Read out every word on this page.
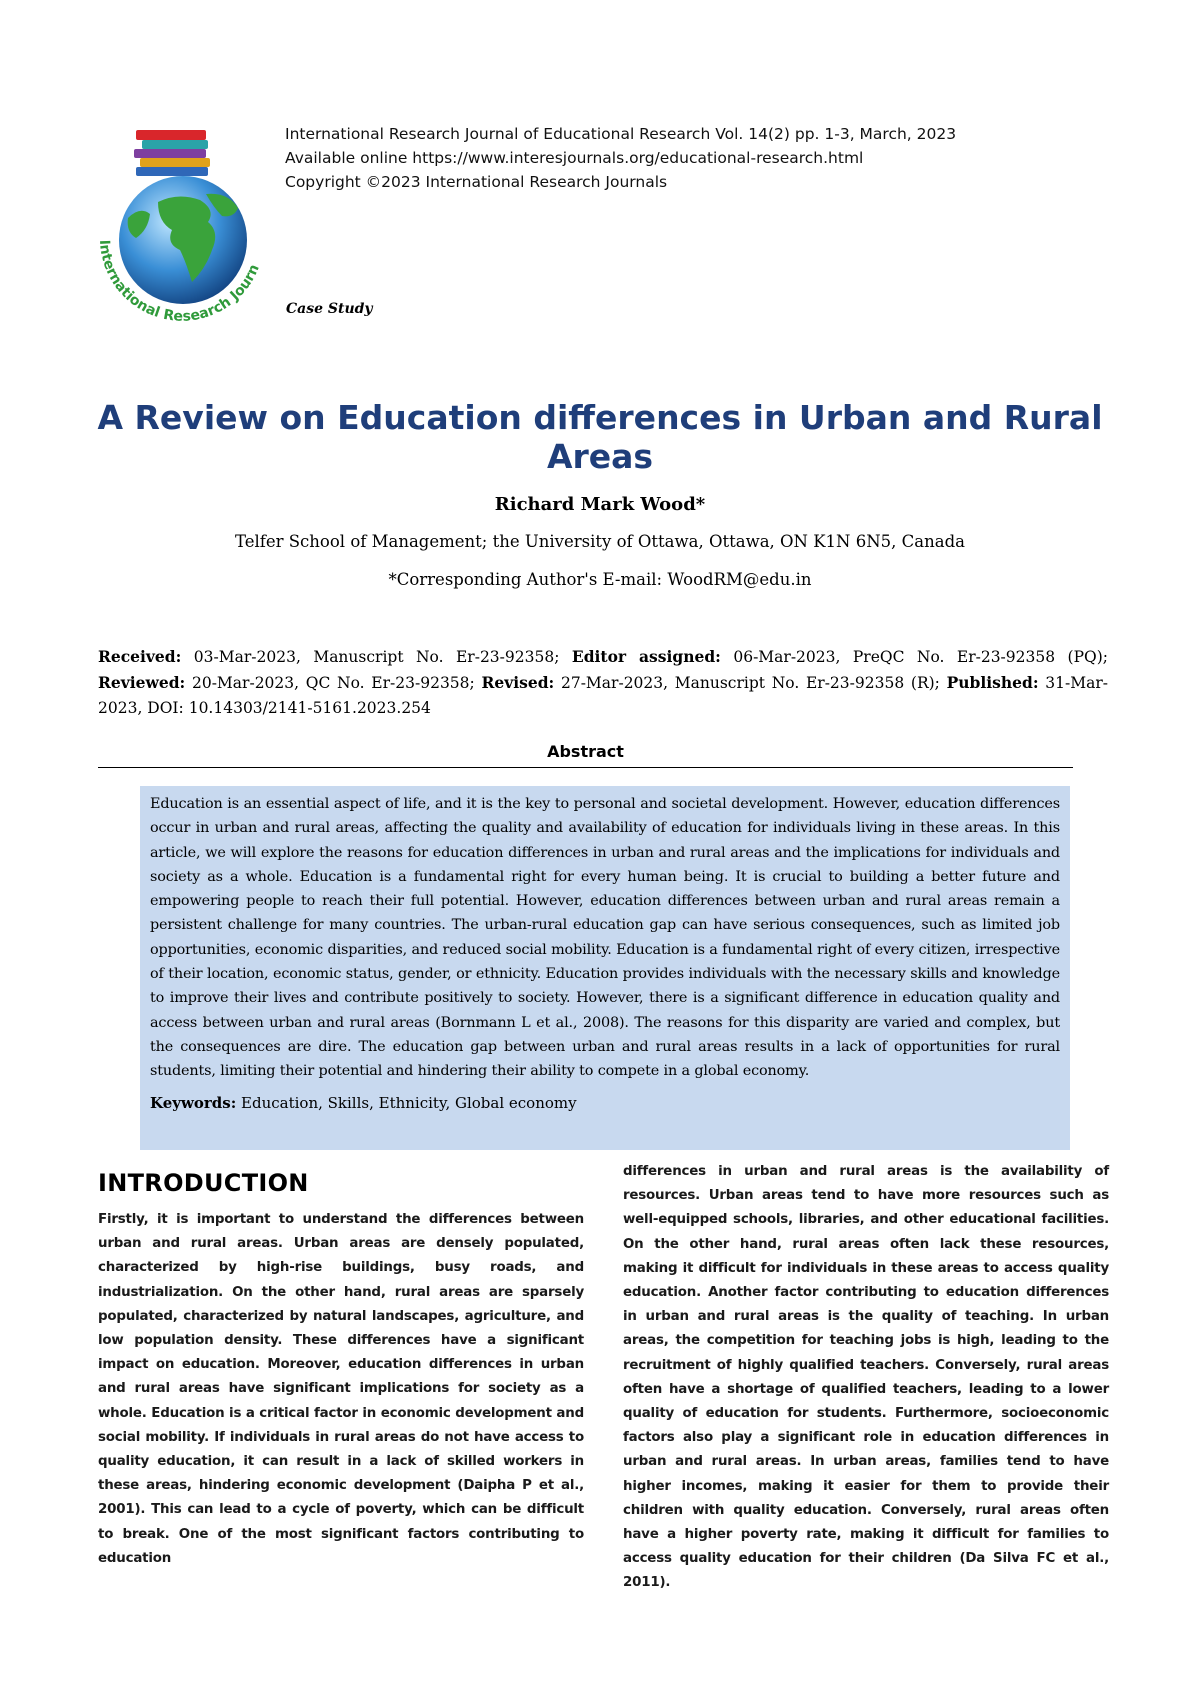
International Research Journ
International Research Journal of Educational Research Vol. 14(2) pp. 1-3, March, 2023
Available online https://www.interesjournals.org/educational-research.html
Copyright ©2023 International Research Journals
Case Study
A Review on Education differences in Urban and Rural Areas
Richard Mark Wood*
Telfer School of Management; the University of Ottawa, Ottawa, ON K1N 6N5, Canada
*Corresponding Author's E-mail: WoodRM@edu.in
Received: 03-Mar-2023, Manuscript No. Er-23-92358; Editor assigned: 06-Mar-2023, PreQC No. Er-23-92358 (PQ); Reviewed: 20-Mar-2023, QC No. Er-23-92358; Revised: 27-Mar-2023, Manuscript No. Er-23-92358 (R); Published: 31-Mar-2023, DOI: 10.14303/2141-5161.2023.254
Abstract
Education is an essential aspect of life, and it is the key to personal and societal development. However, education differences occur in urban and rural areas, affecting the quality and availability of education for individuals living in these areas. In this article, we will explore the reasons for education differences in urban and rural areas and the implications for individuals and society as a whole. Education is a fundamental right for every human being. It is crucial to building a better future and empowering people to reach their full potential. However, education differences between urban and rural areas remain a persistent challenge for many countries. The urban-rural education gap can have serious consequences, such as limited job opportunities, economic disparities, and reduced social mobility. Education is a fundamental right of every citizen, irrespective of their location, economic status, gender, or ethnicity. Education provides individuals with the necessary skills and knowledge to improve their lives and contribute positively to society. However, there is a significant difference in education quality and access between urban and rural areas (Bornmann L et al., 2008). The reasons for this disparity are varied and complex, but the consequences are dire. The education gap between urban and rural areas results in a lack of opportunities for rural students, limiting their potential and hindering their ability to compete in a global economy.
Keywords: Education, Skills, Ethnicity, Global economy
INTRODUCTION
Firstly, it is important to understand the differences between urban and rural areas. Urban areas are densely populated, characterized by high-rise buildings, busy roads, and industrialization. On the other hand, rural areas are sparsely populated, characterized by natural landscapes, agriculture, and low population density. These differences have a significant impact on education. Moreover, education differences in urban and rural areas have significant implications for society as a whole. Education is a critical factor in economic development and social mobility. If individuals in rural areas do not have access to quality education, it can result in a lack of skilled workers in these areas, hindering economic development (Daipha P et al., 2001). This can lead to a cycle of poverty, which can be difficult to break. One of the most significant factors contributing to education
differences in urban and rural areas is the availability of resources. Urban areas tend to have more resources such as well-equipped schools, libraries, and other educational facilities. On the other hand, rural areas often lack these resources, making it difficult for individuals in these areas to access quality education. Another factor contributing to education differences in urban and rural areas is the quality of teaching. In urban areas, the competition for teaching jobs is high, leading to the recruitment of highly qualified teachers. Conversely, rural areas often have a shortage of qualified teachers, leading to a lower quality of education for students. Furthermore, socioeconomic factors also play a significant role in education differences in urban and rural areas. In urban areas, families tend to have higher incomes, making it easier for them to provide their children with quality education. Conversely, rural areas often have a higher poverty rate, making it difficult for families to access quality education for their children (Da Silva FC et al., 2011).
